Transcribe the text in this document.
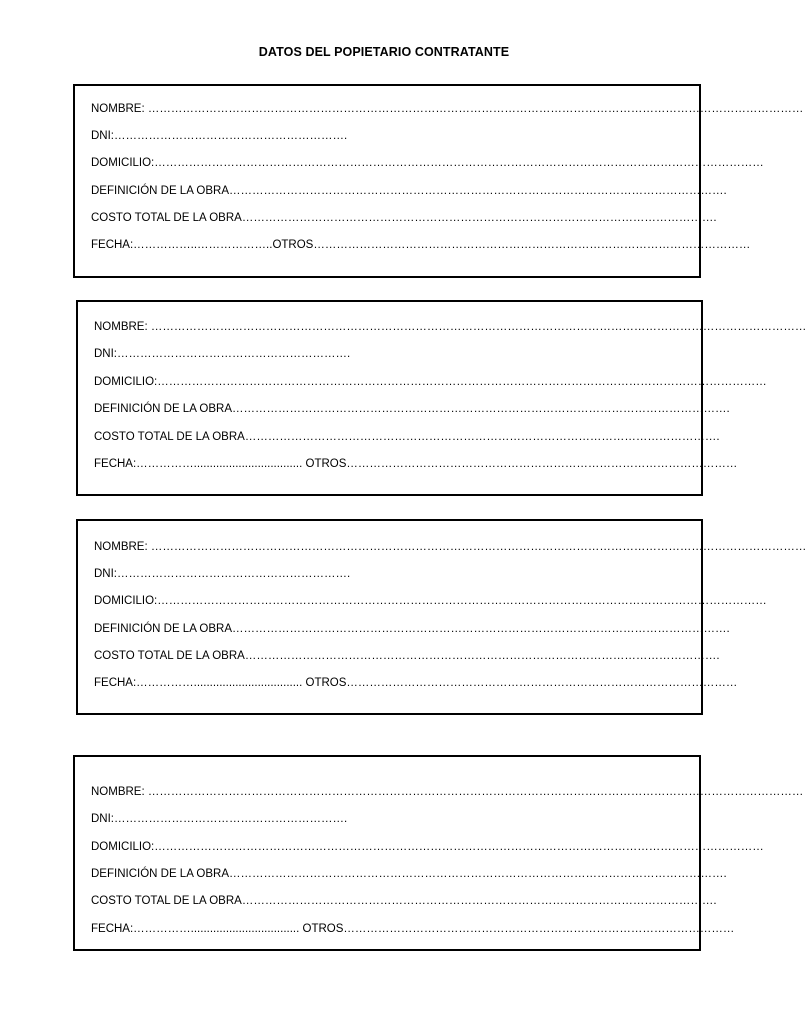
DATOS DEL POPIETARIO CONTRATANTE
NOMBRE: ………………………………………………………………………………………………………………………………………………………
DNI:…………………………………………………….
DOMICILIO:……………………………………………………………………………………………………………………………………………
DEFINICIÓN DE LA OBRA………………………………………………………………………………………………………………….
COSTO TOTAL DE LA OBRA…………………………………………………………………………………………………………….
FECHA:……………..………………..OTROS……………………………………………………………………………………………………
NOMBRE: ………………………………………………………………………………………………………………………………………………………
DNI:…………………………………………………….
DOMICILIO:……………………………………………………………………………………………………………………………………………
DEFINICIÓN DE LA OBRA………………………………………………………………………………………………………………….
COSTO TOTAL DE LA OBRA…………………………………………………………………………………………………………….
FECHA:…………….................................. OTROS…………………………………………………………………………………………
NOMBRE: ………………………………………………………………………………………………………………………………………………………
DNI:…………………………………………………….
DOMICILIO:……………………………………………………………………………………………………………………………………………
DEFINICIÓN DE LA OBRA………………………………………………………………………………………………………………….
COSTO TOTAL DE LA OBRA…………………………………………………………………………………………………………….
FECHA:…………….................................. OTROS…………………………………………………………………………………………
NOMBRE: ………………………………………………………………………………………………………………………………………………………
DNI:…………………………………………………….
DOMICILIO:……………………………………………………………………………………………………………………………………………
DEFINICIÓN DE LA OBRA………………………………………………………………………………………………………………….
COSTO TOTAL DE LA OBRA…………………………………………………………………………………………………………….
FECHA:…………….................................. OTROS…………………………………………………………………………………………
